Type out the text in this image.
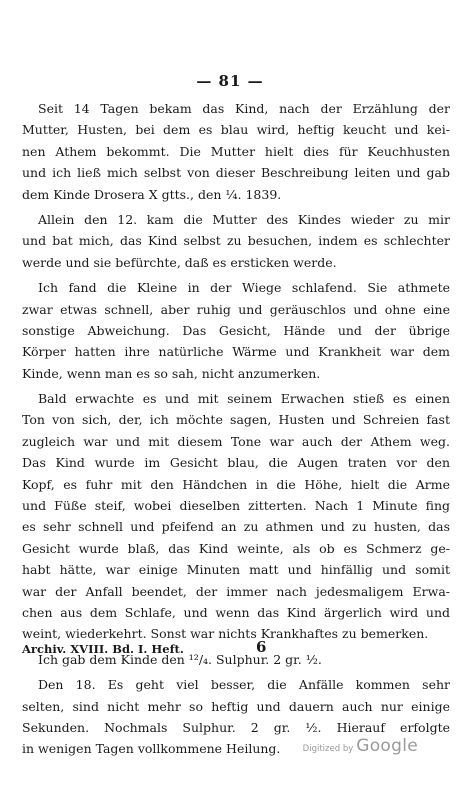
— 81 —
Seit 14 Tagen bekam das Kind, nach der Erzählung der
Mutter, Husten, bei dem es blau wird, heftig keucht und kei-
nen Athem bekommt. Die Mutter hielt dies für Keuchhusten
und ich ließ mich selbst von dieser Beschreibung leiten und gab
dem Kinde Drosera X gtts., den ⅟₄. 1839.
Allein den 12. kam die Mutter des Kindes wieder zu mir
und bat mich, das Kind selbst zu besuchen, indem es schlechter
werde und sie befürchte, daß es ersticken werde.
Ich fand die Kleine in der Wiege schlafend. Sie athmete
zwar etwas schnell, aber ruhig und geräuschlos und ohne eine
sonstige Abweichung. Das Gesicht, Hände und der übrige
Körper hatten ihre natürliche Wärme und Krankheit war dem
Kinde, wenn man es so sah, nicht anzumerken.
Bald erwachte es und mit seinem Erwachen stieß es einen
Ton von sich, der, ich möchte sagen, Husten und Schreien fast
zugleich war und mit diesem Tone war auch der Athem weg.
Das Kind wurde im Gesicht blau, die Augen traten vor den
Kopf, es fuhr mit den Händchen in die Höhe, hielt die Arme
und Füße steif, wobei dieselben zitterten. Nach 1 Minute fing
es sehr schnell und pfeifend an zu athmen und zu husten, das
Gesicht wurde blaß, das Kind weinte, als ob es Schmerz ge-
habt hätte, war einige Minuten matt und hinfällig und somit
war der Anfall beendet, der immer nach jedesmaligem Erwa-
chen aus dem Schlafe, und wenn das Kind ärgerlich wird und
weint, wiederkehrt. Sonst war nichts Krankhaftes zu bemerken.
Ich gab dem Kinde den ¹²/₄. Sulphur. 2 gr. ⅟₂.
Den 18. Es geht viel besser, die Anfälle kommen sehr
selten, sind nicht mehr so heftig und dauern auch nur einige
Sekunden. Nochmals Sulphur. 2 gr. ⅟₂. Hierauf erfolgte
in wenigen Tagen vollkommene Heilung.
Archiv. XVIII. Bd. I. Heft.	6
Digitized by Google
